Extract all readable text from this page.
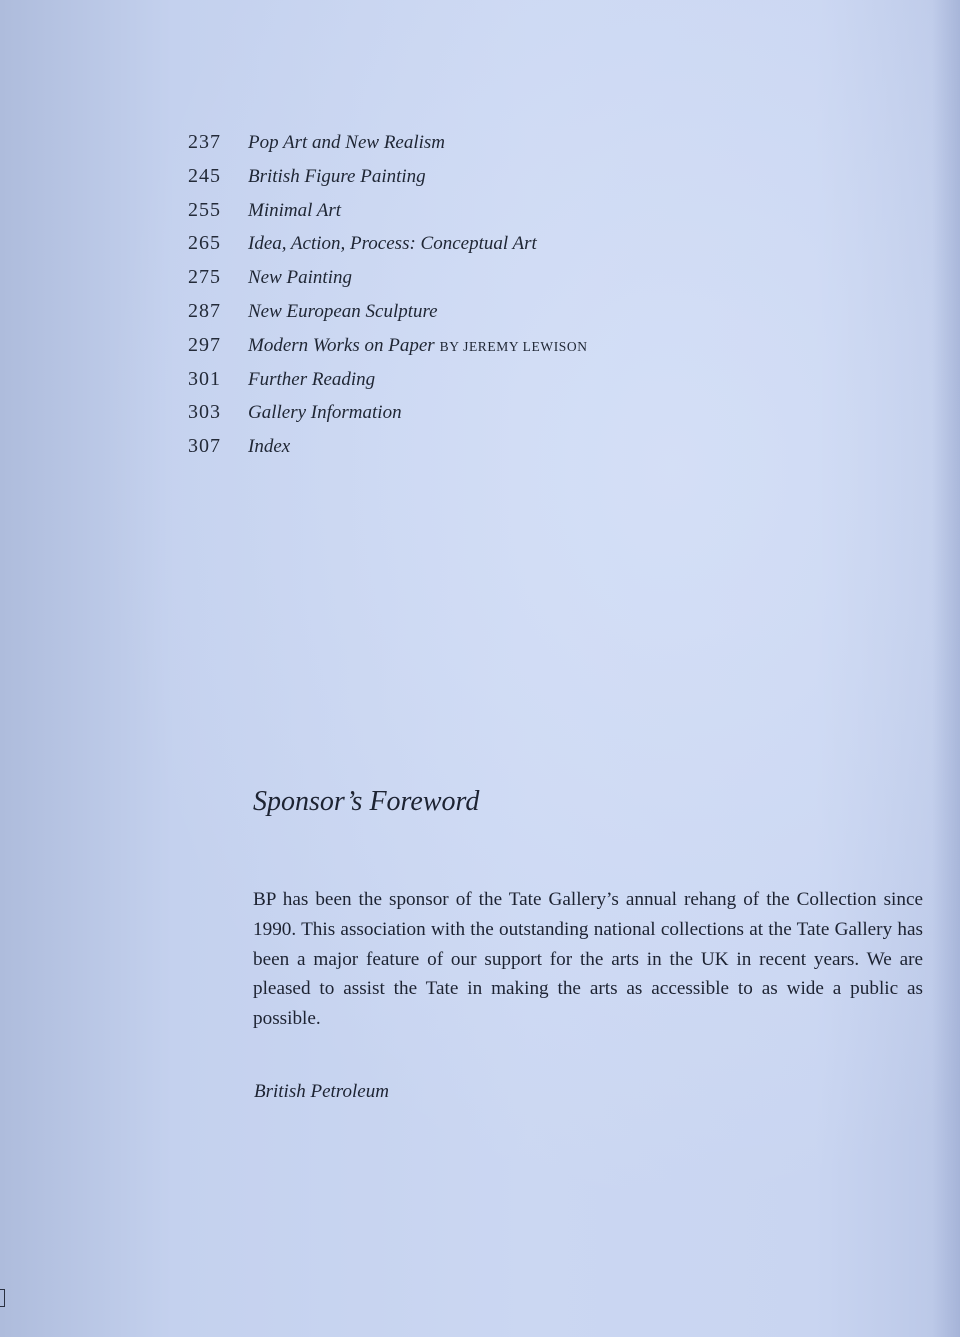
237	Pop Art and New Realism
245	British Figure Painting
255	Minimal Art
265	Idea, Action, Process: Conceptual Art
275	New Painting
287	New European Sculpture
297	Modern Works on Paper BY JEREMY LEWISON
301	Further Reading
303	Gallery Information
307	Index
Sponsor’s Foreword

BP has been the sponsor of the Tate Gallery’s annual rehang of the Collection since 1990. This association with the outstanding national collections at the Tate Gallery has been a major feature of our support for the arts in the UK in recent years. We are pleased to assist the Tate in making the arts as accessible to as wide a public as possible.

British Petroleum
